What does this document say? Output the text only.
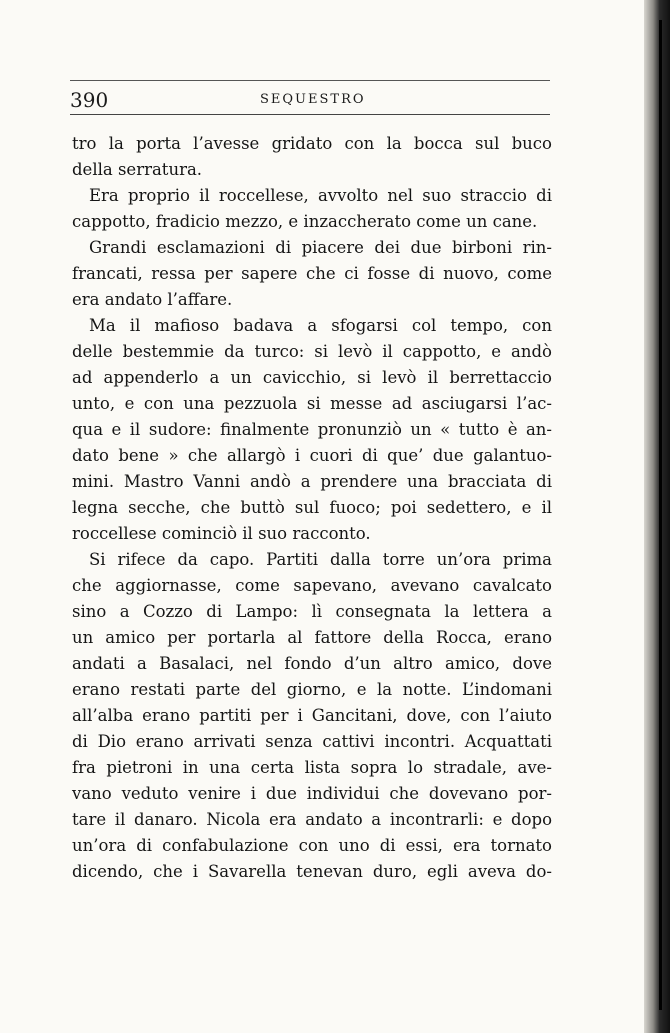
390	SEQUESTRO
tro la porta l’avesse gridato con la bocca sul buco
della serratura.
Era proprio il roccellese, avvolto nel suo straccio di
cappotto, fradicio mezzo, e inzaccherato come un cane.
Grandi esclamazioni di piacere dei due birboni rin-
francati, ressa per sapere che ci fosse di nuovo, come
era andato l’affare.
Ma il mafioso badava a sfogarsi col tempo, con
delle bestemmie da turco: si levò il cappotto, e andò
ad appenderlo a un cavicchio, si levò il berrettaccio
unto, e con una pezzuola si messe ad asciugarsi l’ac-
qua e il sudore: finalmente pronunziò un « tutto è an-
dato bene » che allargò i cuori di que’ due galantuo-
mini. Mastro Vanni andò a prendere una bracciata di
legna secche, che buttò sul fuoco; poi sedettero, e il
roccellese cominciò il suo racconto.
Si rifece da capo. Partiti dalla torre un’ora prima
che aggiornasse, come sapevano, avevano cavalcato
sino a Cozzo di Lampo: lì consegnata la lettera a
un amico per portarla al fattore della Rocca, erano
andati a Basalaci, nel fondo d’un altro amico, dove
erano restati parte del giorno, e la notte. L’indomani
all’alba erano partiti per i Gancitani, dove, con l’aiuto
di Dio erano arrivati senza cattivi incontri. Acquattati
fra pietroni in una certa lista sopra lo stradale, ave-
vano veduto venire i due individui che dovevano por-
tare il danaro. Nicola era andato a incontrarli: e dopo
un’ora di confabulazione con uno di essi, era tornato
dicendo, che i Savarella tenevan duro, egli aveva do-
